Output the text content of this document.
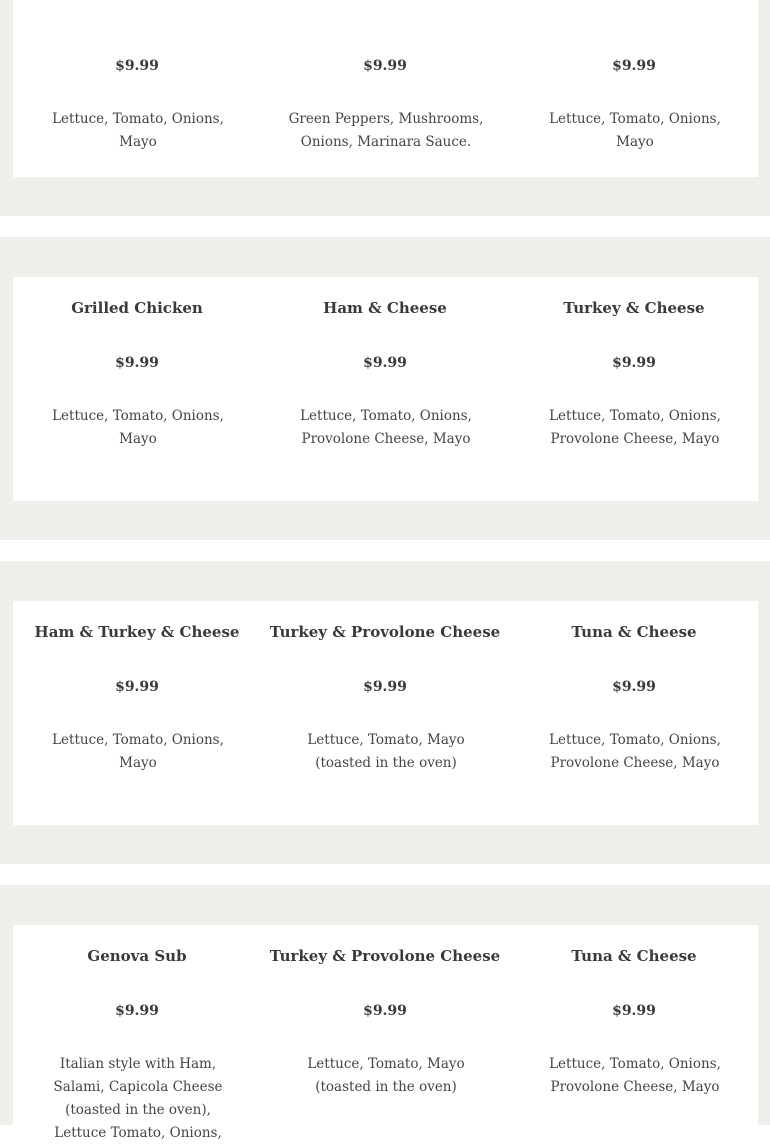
$9.99
Lettuce, Tomato, Onions, Mayo
$9.99
Green Peppers, Mushrooms, Onions, Marinara Sauce.
$9.99
Lettuce, Tomato, Onions, Mayo
Grilled Chicken
$9.99
Lettuce, Tomato, Onions, Mayo
Ham & Cheese
$9.99
Lettuce, Tomato, Onions, Provolone Cheese, Mayo
Turkey & Cheese
$9.99
Lettuce, Tomato, Onions, Provolone Cheese, Mayo
Ham & Turkey & Cheese
$9.99
Lettuce, Tomato, Onions, Mayo
Turkey & Provolone Cheese
$9.99
Lettuce, Tomato, Mayo (toasted in the oven)
Tuna & Cheese
$9.99
Lettuce, Tomato, Onions, Provolone Cheese, Mayo
Genova Sub
$9.99
Italian style with Ham, Salami, Capicola Cheese (toasted in the oven), Lettuce Tomato, Onions,
Turkey & Provolone Cheese
$9.99
Lettuce, Tomato, Mayo (toasted in the oven)
Tuna & Cheese
$9.99
Lettuce, Tomato, Onions, Provolone Cheese, Mayo
